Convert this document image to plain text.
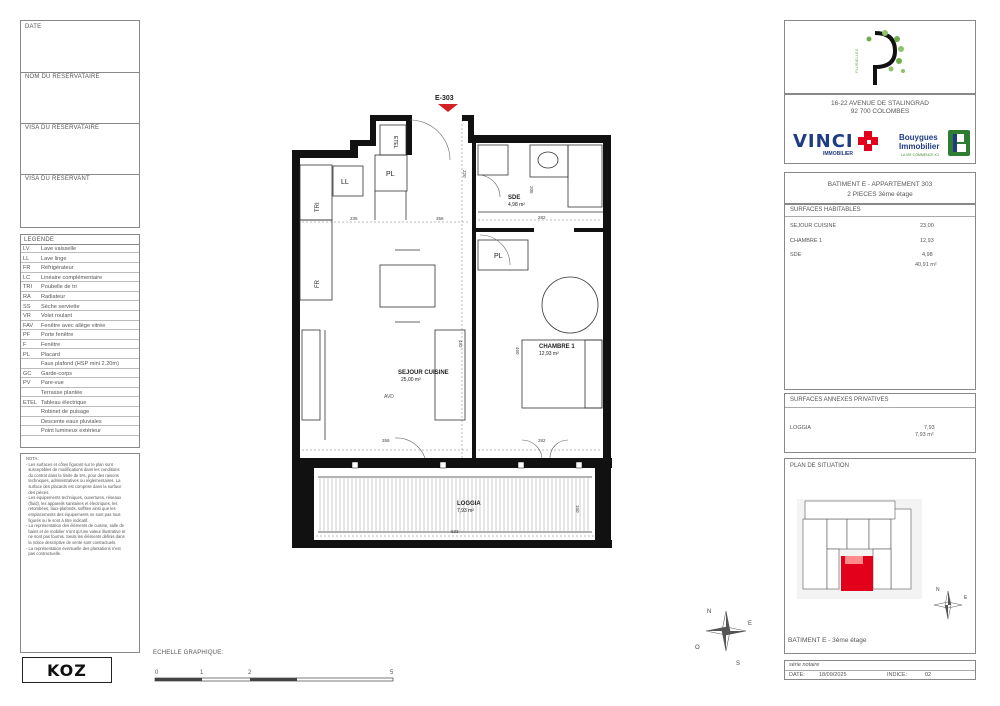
DATE
NOM DU RESERVATAIRE
VISA DU RESERVATAIRE
VISA DU RESERVANT
LEGENDE
LV Lave vaisselle
LL Lave linge
FR Réfrigérateur
LC Linéaire complémentaire
TRI Poubelle de tri
RA Radiateur
SS Sèche serviette
VR Volet roulant
FAV Fenêtre avec allège vitrée
PF Porte fenêtre
F	Fenêtre
PL Placard
Faux plafond (HSP mini 2.20m)
GC Garde-corps
PV Pare-vue
Terrasse plantée
ETEL Tableau électrique
Robinet de puisage
Descente eaux pluviales
Point lumineux extérieur
NOTA :
- Les surfaces et côtes figurant sur le plan sont
susceptibles de modifications dans les conditions
du contrat dans la limite de 5%, pour des raisons
techniques, administratives ou réglementaires. La
surface des placards est comprise dans la surface
des pièces.
- Les équipements techniques, ouvertures, réseaux
(fluid), les appareils sanitaires et électriques, les
retombées, faux-plafonds, soffites ainsi que les
emplacements des équipements ne sont pas tous
figurés ou le sont à titre indicatif.
- La représentation des éléments de cuisine, salle de
bains et de mobilier n'ont qu'une valeur illustrative et
ne sont pas fournis. Seuls les éléments définis dans
la notice descriptive de vente sont contractuels.
- La représentation éventuelle des plantations n'est
pas contractuelle.
KOZ
ECHELLE GRAPHIQUE:
0	1	2	5
E-303
SEJOUR CUISINE
25,00 m²
CHAMBRE 1
12,93 m²
SDE
4,98 m²
LOGGIA
7,93 m²
PL
PL
LL
TRI
FR
ETEL
AVD
235	356
220
205
282
492
460
358	282
633
150
N
E
S
O
PLURIELLES
16-22 AVENUE DE STALINGRAD
92 700 COLOMBES
VINCI
IMMOBILIER
Bouygues
Immobilier
LA VIE COMMENCE ICI
BATIMENT E - APPARTEMENT 303
2 PIECES 3ème étage
SURFACES HABITABLES
SEJOUR CUISINE	23,00
CHAMBRE 1	12,93
SDE	4,98
40,91 m²
SURFACES ANNEXES PRIVATIVES
LOGGIA	7,93
7,93 m²
PLAN DE SITUATION
N
E
BATIMENT E - 3ème étage
série notaire
DATE:	18/09/2025	INDICE:	02
